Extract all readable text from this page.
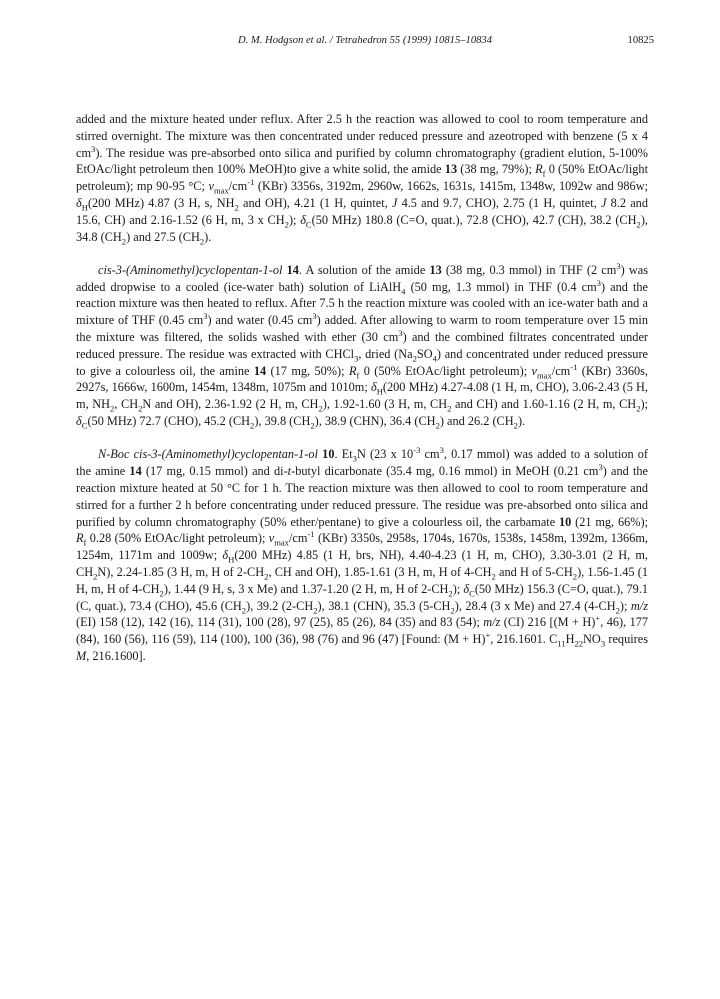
D. M. Hodgson et al. / Tetrahedron 55 (1999) 10815–10834	10825

added and the mixture heated under reflux. After 2.5 h the reaction was allowed to cool to room temperature and stirred overnight. The mixture was then concentrated under reduced pressure and azeotroped with benzene (5 x 4 $cm^3$). The residue was pre-absorbed onto silica and purified by column chromatography (gradient elution, 5-100% EtOAc/light petroleum then 100% MeOH)to give a white solid, the amide 13 (38 mg, 79%); $R_f$ 0 (50% EtOAc/light petroleum); mp 90-95 °C; $\nu_{max}/cm^{-1}$ (KBr) 3356s, 3192m, 2960w, 1662s, 1631s, 1415m, 1348w, 1092w and 986w; $\delta_H(200$ MHz) 4.87 (3 H, s, $NH_2$ and OH), 4.21 (1 H, quintet, J 4.5 and 9.7, CHO), 2.75 (1 H, quintet, J 8.2 and 15.6, CH) and 2.16-1.52 (6 H, m, 3 x $CH_2$); $\delta_C(50$ MHz) 180.8 (C=O, quat.), 72.8 (CHO), 42.7 (CH), 38.2 $(CH_2)$, 34.8 $(CH_2)$ and 27.5 $(CH_2)$.

cis-3-(Aminomethyl)cyclopentan-1-ol 14. A solution of the amide 13 (38 mg, 0.3 mmol) in THF (2 $cm^3$) was added dropwise to a cooled (ice-water bath) solution of LiAlH$_4$ (50 mg, 1.3 mmol) in THF (0.4 $cm^3$) and the reaction mixture was then heated to reflux. After 7.5 h the reaction mixture was cooled with an ice-water bath and a mixture of THF (0.45 $cm^3$) and water (0.45 $cm^3$) added. After allowing to warm to room temperature over 15 min the mixture was filtered, the solids washed with ether (30 $cm^3$) and the combined filtrates concentrated under reduced pressure. The residue was extracted with CHCl$_3$, dried $(Na_2SO_4)$ and concentrated under reduced pressure to give a colourless oil, the amine 14 (17 mg, 50%); $R_f$ 0 (50% EtOAc/light petroleum); $\nu_{max}/cm^{-1}$ (KBr) 3360s, 2927s, 1666w, 1600m, 1454m, 1348m, 1075m and 1010m; $\delta_H(200$ MHz) 4.27-4.08 (1 H, m, CHO), 3.06-2.43 (5 H, m, $NH_2$, $CH_2N$ and OH), 2.36-1.92 (2 H, m, $CH_2$), 1.92-1.60 (3 H, m, $CH_2$ and CH) and 1.60-1.16 (2 H, m, $CH_2$); $\delta_C(50$ MHz) 72.7 (CHO), 45.2 $(CH_2)$, 39.8 $(CH_2)$, 38.9 (CHN), 36.4 $(CH_2)$ and 26.2 $(CH_2)$.

N-Boc cis-3-(Aminomethyl)cyclopentan-1-ol 10. $Et_3N$ (23 x $10^{-3}$ $cm^3$, 0.17 mmol) was added to a solution of the amine 14 (17 mg, 0.15 mmol) and di-t-butyl dicarbonate (35.4 mg, 0.16 mmol) in MeOH (0.21 $cm^3$) and the reaction mixture heated at 50 °C for 1 h. The reaction mixture was then allowed to cool to room temperature and stirred for a further 2 h before concentrating under reduced pressure. The residue was pre-absorbed onto silica and purified by column chromatography (50% ether/pentane) to give a colourless oil, the carbamate 10 (21 mg, 66%); $R_f$ 0.28 (50% EtOAc/light petroleum); $\nu_{max}/cm^{-1}$ (KBr) 3350s, 2958s, 1704s, 1670s, 1538s, 1458m, 1392m, 1366m, 1254m, 1171m and 1009w; $\delta_H(200$ MHz) 4.85 (1 H, brs, NH), 4.40-4.23 (1 H, m, CHO), 3.30-3.01 (2 H, m, $CH_2N$), 2.24-1.85 (3 H, m, H of $2-CH_2$, CH and OH), 1.85-1.61 (3 H, m, H of $4-CH_2$ and H of $5-CH_2$), 1.56-1.45 (1 H, m, H of $4-CH_2$), 1.44 (9 H, s, 3 x Me) and 1.37-1.20 (2 H, m, H of $2-CH_2$); $\delta_C(50$ MHz) 156.3 (C=O, quat.), 79.1 (C, quat.), 73.4 (CHO), 45.6 $(CH_2)$, 39.2 $(2-CH_2)$, 38.1 (CHN), 35.3 $(5-CH_2)$, 28.4 (3 x Me) and 27.4 $(4-CH_2)$; m/z (EI) 158 (12), 142 (16), 114 (31), 100 (28), 97 (25), 85 (26), 84 (35) and 83 (54); m/z (CI) 216 [(M + H)+, 46), 177 (84), 160 (56), 116 (59), 114 (100), 100 (36), 98 (76) and 96 (47) [Found: (M + H)+, 216.1601. $C_{11}H_{22}NO_3$ requires M, 216.1600].
